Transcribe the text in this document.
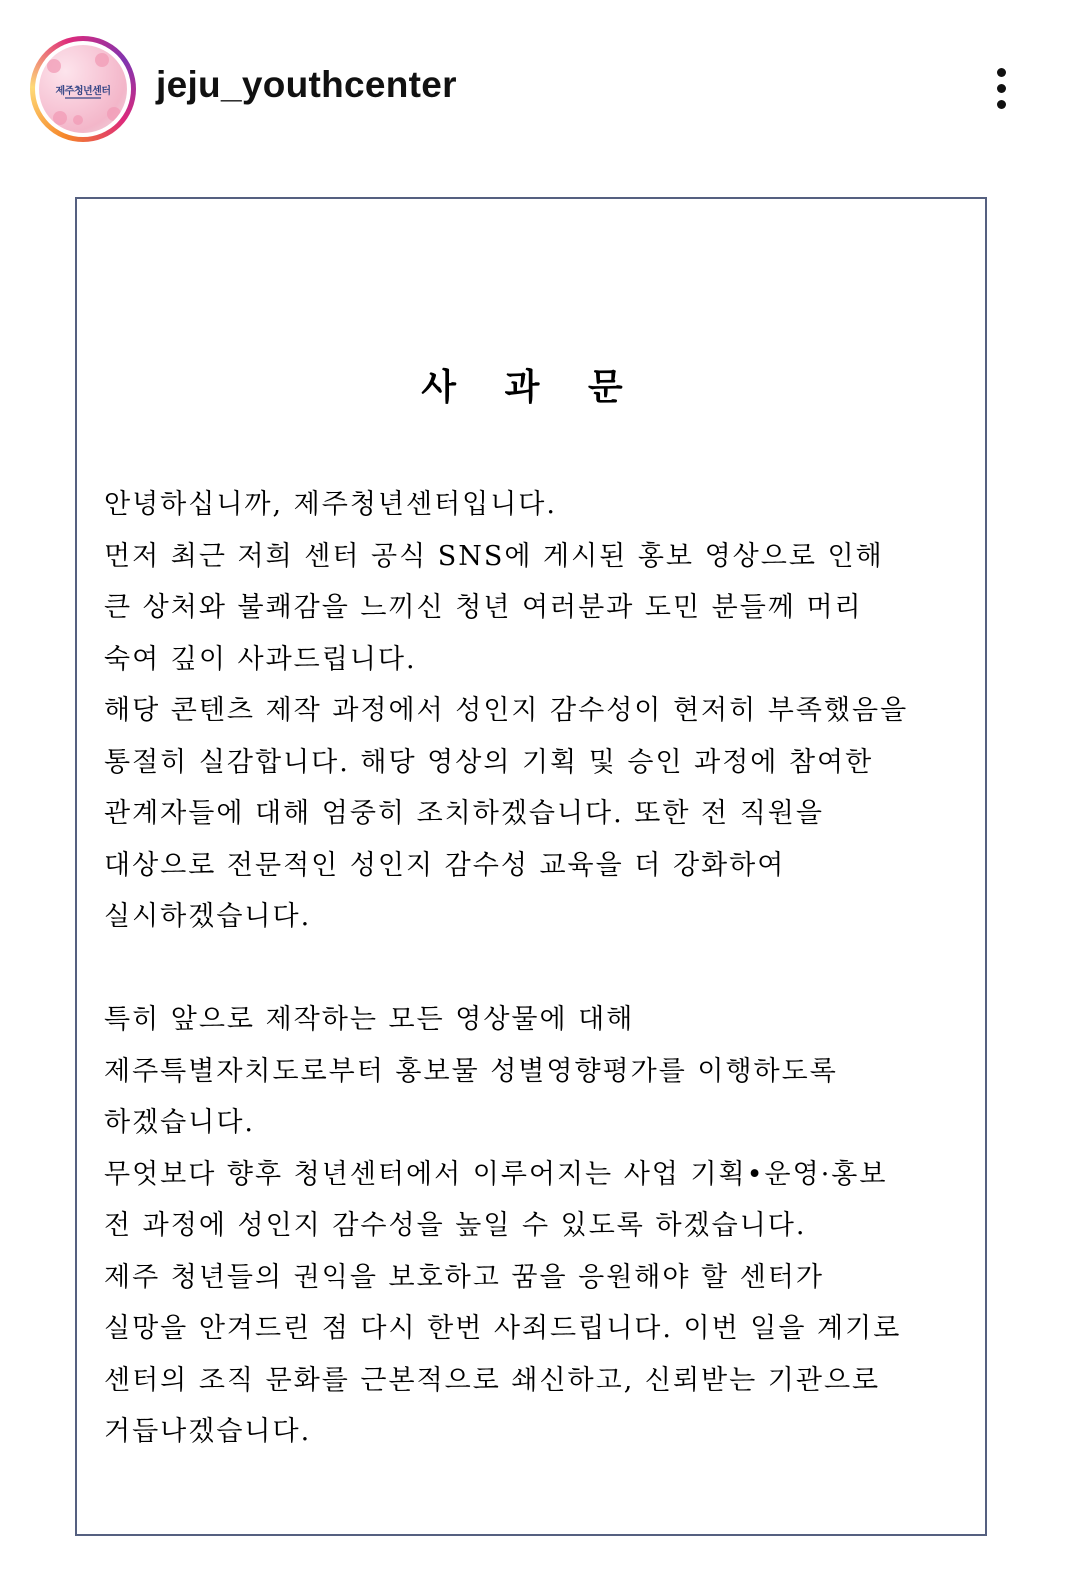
제주청년센터	jeju_youthcenter
사 과 문
안녕하십니까, 제주청년센터입니다.
먼저 최근 저희 센터 공식 SNS에 게시된 홍보 영상으로 인해
큰 상처와 불쾌감을 느끼신 청년 여러분과 도민 분들께 머리
숙여 깊이 사과드립니다.
해당 콘텐츠 제작 과정에서 성인지 감수성이 현저히 부족했음을
통절히 실감합니다. 해당 영상의 기획 및 승인 과정에 참여한
관계자들에 대해 엄중히 조치하겠습니다. 또한 전 직원을
대상으로 전문적인 성인지 감수성 교육을 더 강화하여
실시하겠습니다.
특히 앞으로 제작하는 모든 영상물에 대해
제주특별자치도로부터 홍보물 성별영향평가를 이행하도록
하겠습니다.
무엇보다 향후 청년센터에서 이루어지는 사업 기획•운영·홍보
전 과정에 성인지 감수성을 높일 수 있도록 하겠습니다.
제주 청년들의 권익을 보호하고 꿈을 응원해야 할 센터가
실망을 안겨드린 점 다시 한번 사죄드립니다. 이번 일을 계기로
센터의 조직 문화를 근본적으로 쇄신하고, 신뢰받는 기관으로
거듭나겠습니다.
